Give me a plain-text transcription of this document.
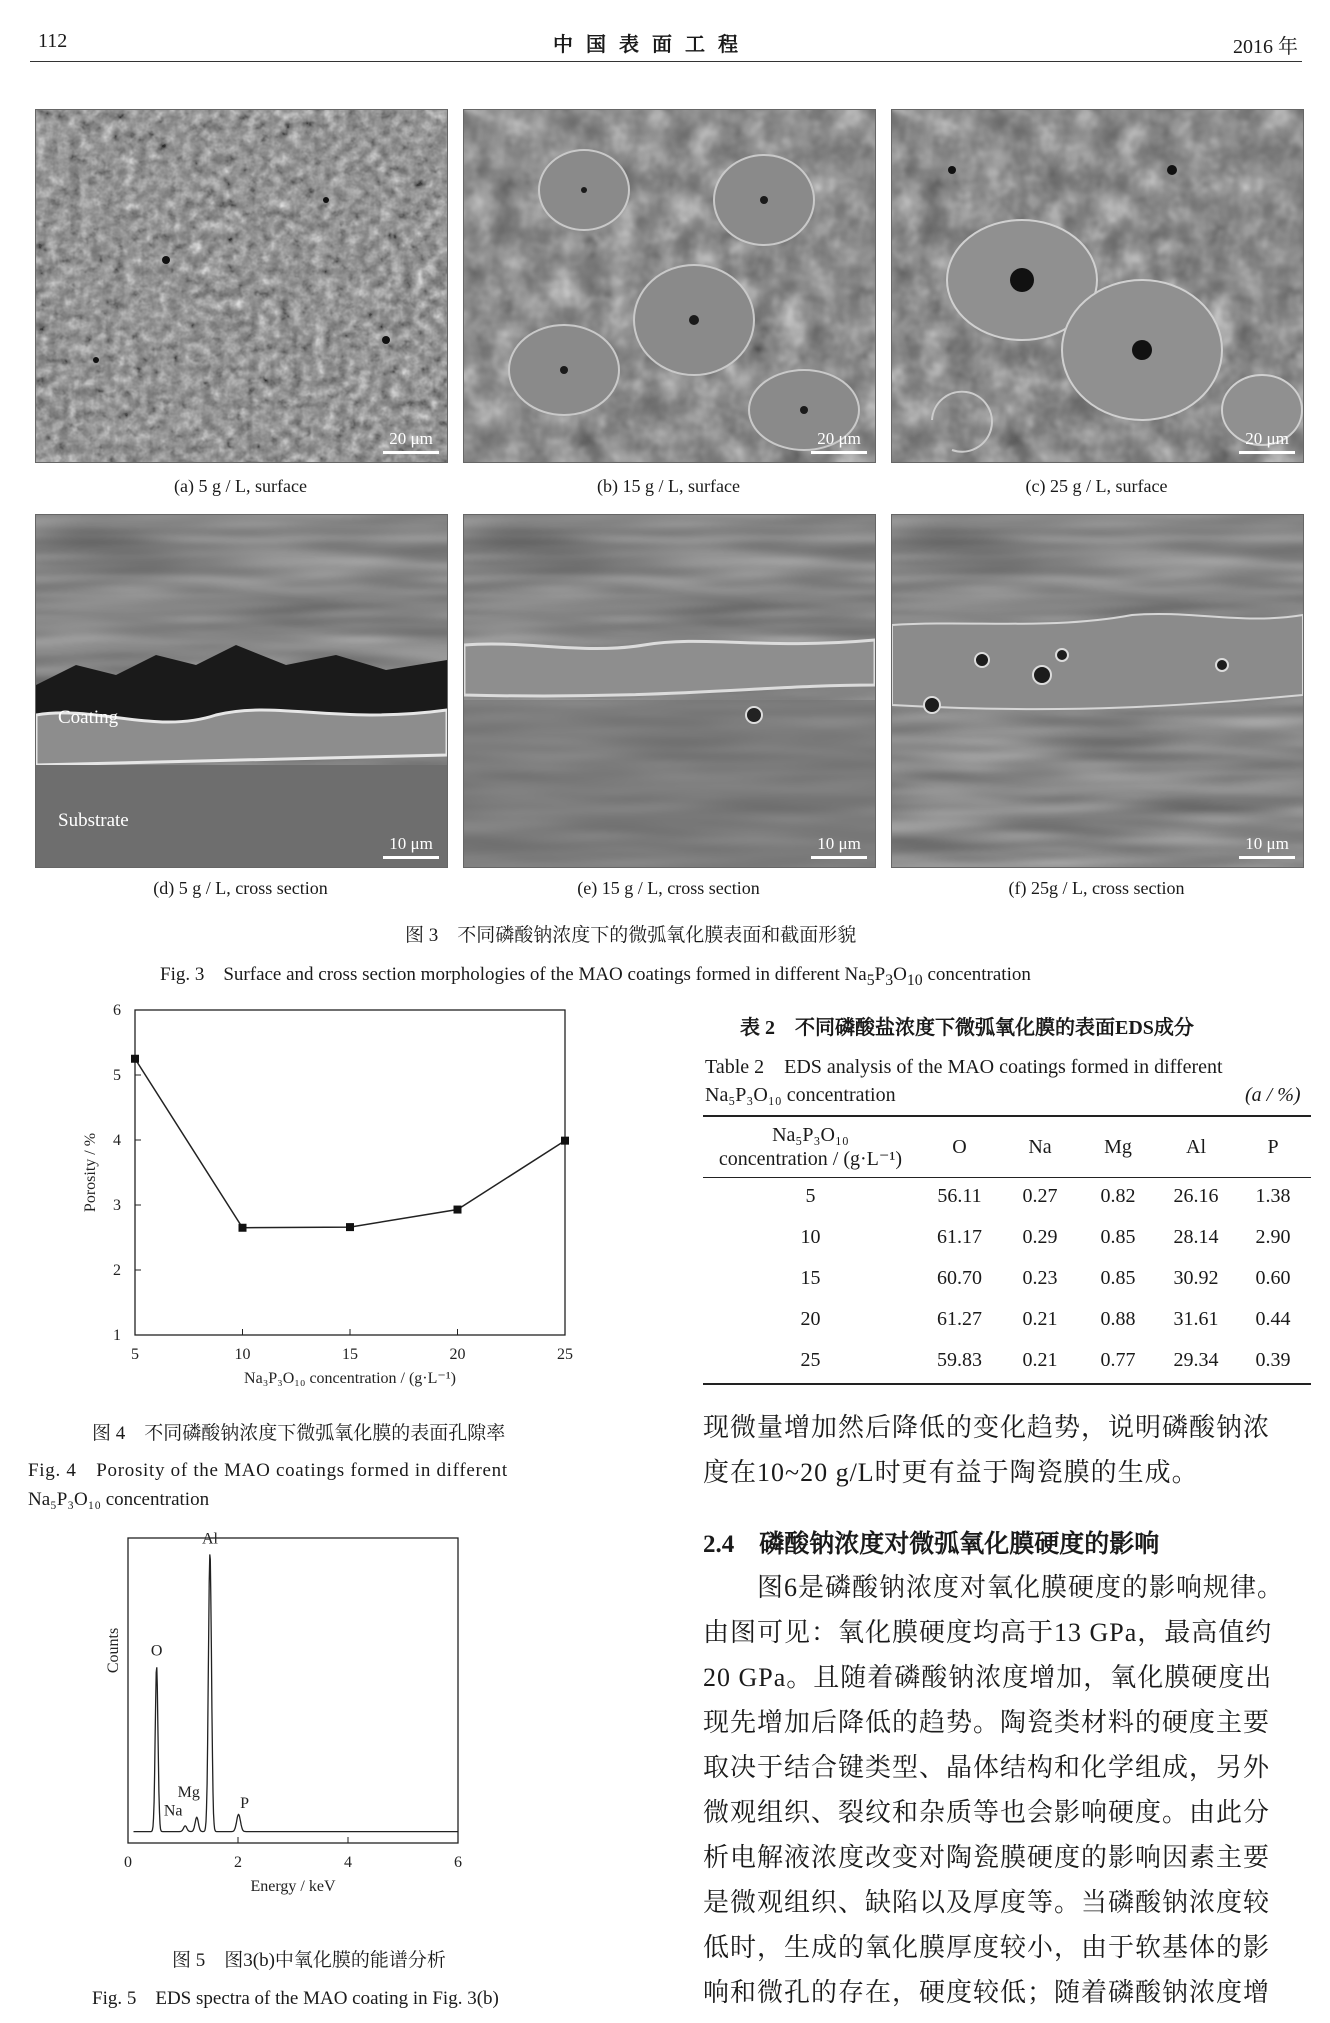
112	中 国 表 面 工 程	2016 年
20 μm
(a) 5 g / L, surface
20 μm
(b) 15 g / L, surface
20 μm
(c) 25 g / L, surface
Coating
Substrate
10 μm
(d) 5 g / L, cross section
10 μm
(e) 15 g / L, cross section
10 μm
(f) 25g / L, cross section
图 3　不同磷酸钠浓度下的微弧氧化膜表面和截面形貌
Fig. 3　Surface and cross section morphologies of the MAO coatings formed in different $Na_5P_3O_{10}$ concentration
5	10	15	20	25
1
2
3
4
5
6
Na₃P₃O₁₀ concentration / (g·L⁻¹)
Porosity / %
图 4　不同磷酸钠浓度下微弧氧化膜的表面孔隙率
Fig. 4　Porosity of the MAO coatings formed in different
Na₅P₃O₁₀ concentration
0	2	4	6
Energy / keV
Counts O
Na
Mg
Al
P
图 5　图3(b)中氧化膜的能谱分析
Fig. 5　EDS spectra of the MAO coating in Fig. 3(b)
表 2　不同磷酸盐浓度下微弧氧化膜的表面EDS成分
Table 2　EDS analysis of the MAO coatings formed in different
Na₅P₃O₁₀ concentration	(a / %)
Na₅P₃O₁₀
concentration / (g·L⁻¹)	O	Na	Mg	Al	P
5	56.11	0.27	0.82	26.16	1.38
10	61.17	0.29	0.85	28.14	2.90
15	60.70	0.23	0.85	30.92	0.60
20	61.27	0.21	0.88	31.61	0.44
25	59.83	0.21	0.77	29.34	0.39
现微量增加然后降低的变化趋势，说明磷酸钠浓
度在10~20 g/L时更有益于陶瓷膜的生成。
2.4　磷酸钠浓度对微弧氧化膜硬度的影响
　　图6是磷酸钠浓度对氧化膜硬度的影响规律。
由图可见：氧化膜硬度均高于13 GPa，最高值约
20 GPa。且随着磷酸钠浓度增加，氧化膜硬度出
现先增加后降低的趋势。陶瓷类材料的硬度主要
取决于结合键类型、晶体结构和化学组成，另外
微观组织、裂纹和杂质等也会影响硬度。由此分
析电解液浓度改变对陶瓷膜硬度的影响因素主要
是微观组织、缺陷以及厚度等。当磷酸钠浓度较
低时，生成的氧化膜厚度较小，由于软基体的影
响和微孔的存在，硬度较低；随着磷酸钠浓度增
